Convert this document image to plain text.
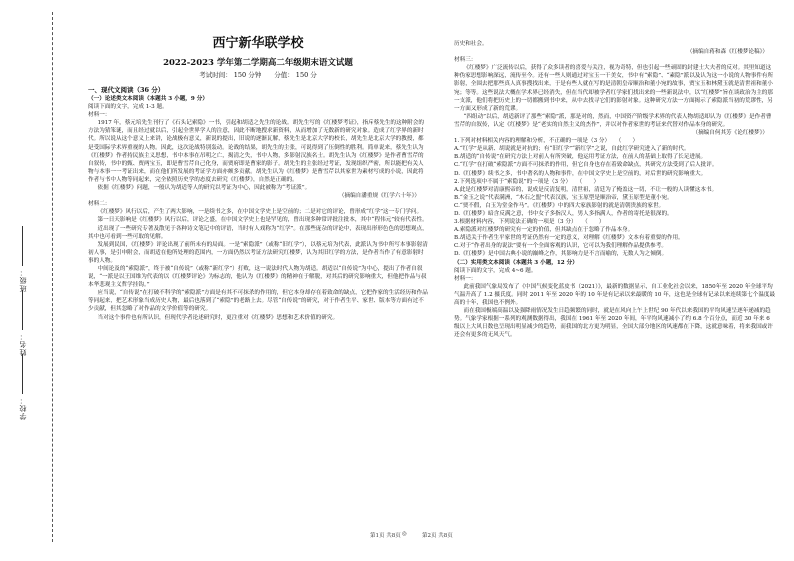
班级：
姓名：
学校：
西宁新华联学校
2022-2023 学年第二学期高二年级期末语文试题
考试时间： 150 分钟　　分值： 150 分
一、现代文阅读（36 分）
（一）论述类文本阅读（本题共 3 小题，9 分）

阅读下面的文字，完成 1-3 题。

材料一：

1917 年，蔡元培先生刊行了《石头记索隐》一书，引起和胡适之先生的论战。胡先生写的《红楼梦考证》，指斥蔡先生的这种附会的方法为猜笨谜，而且经过就以后，引起全世界学人的注意，因此不断地搜求新资料，从而增加了无数新的研究对象。造成了红学界的新时代。所以说从这个意义上来讲，论战极有意义，新说的提出，旧说的逐渐瓦解，蔡先生是北京大学的校长，胡先生是北京大学的教授，都是受国际学术界重视的人物。因此，这次论战特别轰动。论战的结果，胡先生的主张，可说得到了压倒性的胜利。简单说来，蔡先生认为《红楼梦》作者持民族主义思想，书中本事在吊明之亡，揭清之失，书中人物，多影射汉族名士。胡先生认为《红楼梦》是作者曹雪芹的自叙传，书中的甄、贾两宝玉，即是曹雪芹自己化身，而贾府即是曹家的影子。胡先生的主张经过考证，发现组织严密，所以能把有关人物与本事一一考证出来，而在他们所发展的考证学方面亦颇多贡献。胡先生认为《红楼梦》是曹雪芹以其家世为素材写成的小说，因此将作者与书中人物等同起来，完全依照历史学的态度去研究《红楼梦》，自然是正确的。

依据《红楼梦》问题，一般认为胡适等人的研究以考证为中心，因此被称为“考证派”。

（摘编自潘重规《红学六十年》）

材料二：

《红楼梦》风行以后，产生了两大影响，一是续书之多，在中国文学史上是空前的；二是对它的评论，曾形成“红学”这一专门学问。

第一日天影响是《红楼梦》风行以后，评论之盛，在中国文学史上也是罕见的，曾出现多种常评批注批本，其中“程伟元”较有代表性。

近出现了一些研究专著及散见于各种诗文笔记中的评语，当时有人戏称为“红学”。在那些庞杂的评论中，表现出形形色色的思想观点，其中也可看到一些可取的见解。

发展到民国，《红楼梦》评论出现了前所未有的局面。一是“索隐派”（或称“旧红学”），以蔡元培为代表，此派认为书中所写本事影射清初人事，是引申附会，而胡适在他所处理的范围内，一方面仍然以考证方法研究红楼梦，认为其旧红学的方法，是作者当作了有意影射时事的人物。

中间论及的“索隐派”，终于被“自传说”（或称“新红学”）打败，这一说法时代人物为胡适。胡适以“自传说”为中心，提出了作者自叙说，“一派是以王国维为代表的以《红楼梦评论》为标志的，他认为《红楼梦》的精神在于解脱，对其后的研究影响重大，但他把作品与叔本华悲观主义哲学挂钩。”

应当说，“自传说”在打破不科学的“索隐派”方面是有其不可抹杀的作用的，但它本身却存在着致命的缺点，它把作家的生活经历和作品等同起来，把艺术形象当成历史人物，最后也落到了“索隐”的老路上去。尽管“自传说”的研究，对于作者生平、家世、版本等方面有过不少贡献，但其忽略了对作品的文学价值等的研究。

当对这个事件也有所认识，但现代学者论述研究时，更注重对《红楼梦》思想和艺术价值的研究。

历史和社会。

（摘编自蒋和森《红楼梦论稿》）

材料三：

《红楼梦》广泛流传以后，获得了众多读者的喜爱与关注，视为奇特，但也引起一些顽固的封建士大夫者的反对。其里知道这种伪家思想影响深远，流传至今。还有一些人则通过对宝玉一干美女，书中有“索隐”、“素隐”派以及认为这一小说的人物事件有所影射，全围去把那些真人真事搜找出来，于是有些人就在写的是清朝皇帝顺治和董小宛的故事，贾宝玉和林黛玉就是清世祖和董小宛；等等。这些说法大概在学术界已经消失，但在当代却被学者红学家们找出来的一些新说法中，以“红楼梦”旨在谈政治为主的那一支派，他们将把历史上的一切都搬到书中来，从中去找寻它们的影射对象。这种研究方法一方面揭示了索隐派当初的荒谬性，另一方面又形成了新的荒谬。

“四组动”以后，胡适新评了那些“索隐”派，那是对的，然而，中国资产阶级学术界的代表人物胡适却认为《红楼梦》是作者曹雪芹的自叙传，认定《红楼梦》是“老实的自然主义的杰作”，并以对作者家世的考证来代替对作品本身的研究。

（摘编自何其芳《论红楼梦》）

1.下列对材料相关内容的理解和分析，不正确的一项是（3 分）　　（　　）

A.“红学”是从新、胡说就是对抗的；有“旧红学”“新红学”之说，自此红学研究进入了新的时代。

B.胡适的“自传说”在研究方法上对前人有所突破，他运用考证方法，在前人的基础上取得了长足进展。

C.“红学”在打破“索隐派”方面不可抹杀的作用，但它自身也存在着致命缺点，其研究方法受到了后人批评。

D.《红楼梦》续书之多，书中著名的人物和事件，在中国文学史上是空前的，对后世的研究影响重大。

2.下列选项中不属于“索隐说”的一项是（3 分）　　（　　）

A.此是红楼梦对清康熙帝的，说成是反清复明，清世祖，清廷为了掩盖这一切，不让一般的人读懂这本书。

B.“金玉之说”代表满洲，“木石之盟”代表汉族，宝玉原型是顺治帝，黛玉原型是董小宛。

C.“贾不假，白玉为堂金作马”。《红楼梦》中的四大家族影射的就是清朝贵族的家世。

D.《红楼梦》暗含反满之意，书中女子多指汉人，男人多指满人，作者的寄托是很深的。

3.根据材料内容，下列说法正确的一项是（3 分）　　（　　）

A.索隐派对红楼梦的研究有一定的价值，但其缺点在于忽略了作品本身。

B.胡适关于作者生平家世的考证仍然有一定的意义，对理解《红楼梦》文本有着重要的作用。

C.对于“作者出身的说法”要有一个全面客观的认识，它可以为我们理解作品提供参考。

D.《红楼梦》是中国古典小说的巅峰之作，其影响力是不言而喻的，无数人为之倾倒。

（二）实用类文本阅读（本题共 3 小题，12 分）

阅读下面的文字，完成 4~6 题。

材料一：

此前我国气象局发布了《中国气候变化蓝皮书（2021）》，最新的数据显示，自工业化社会以来，1850年至 2020 年全球平均气温升高了 1.2 摄氏度。同时 2011 年至 2020 年的 10 年是有记录以来最暖的 10 年，这也是全球有记录以来连续第七个温度最高的十年，我国也不例外。

而在我国极端高温以及强降雨情况发生日趋频繁的同时，就是在风向上午上世纪 90 年代以来我国的平均风速呈逐年递减的趋势。气象学家根据一系列的观测数据得出，我国在 1961 年至 2020 年间，年平均风速减小了约 6.8 个百分点，而近 30 年来 6 级以上大风日数也呈现出明显减少的趋势，而我国的北方更为明显，全国大部分地区的风速都在下降，这就意味着，将来我国或许还会有更多的无风天气。

第1页 共8页 ◎	第2页 共8页
